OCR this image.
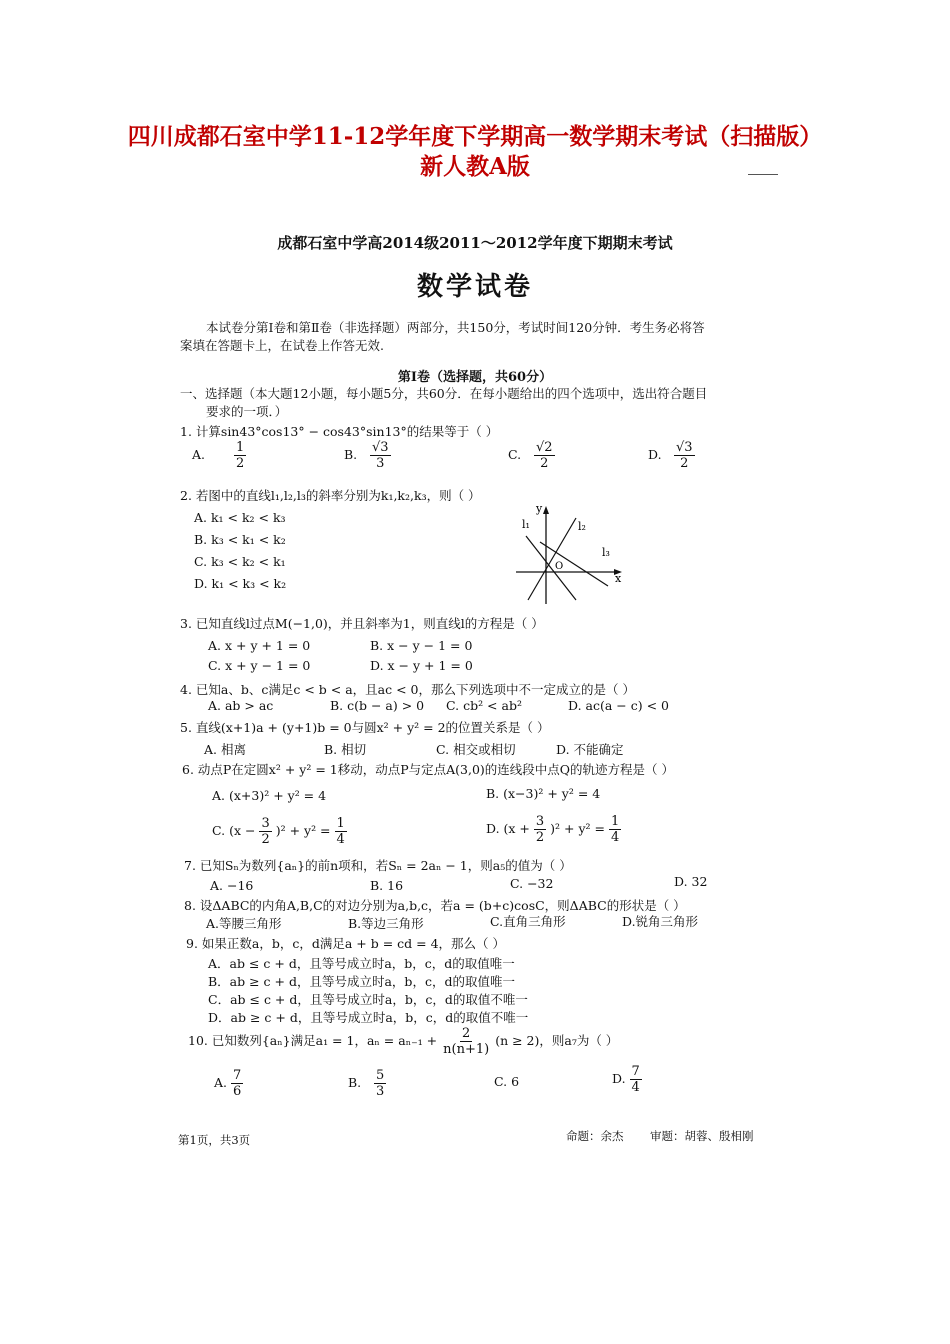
四川成都石室中学11-12学年度下学期高一数学期末考试（扫描版）新人教A版
成都石室中学高2014级2011～2012学年度下期期末考试
数学试卷
本试卷分第Ⅰ卷和第Ⅱ卷（非选择题）两部分，共150分，考试时间120分钟．考生务必将答
案填在答题卡上，在试卷上作答无效.
第Ⅰ卷（选择题，共60分）
一、选择题（本大题12小题，每小题5分，共60分．在每小题给出的四个选项中，选出符合题目
要求的一项．）
1. 计算sin43°cos13° − cos43°sin13°的结果等于（ ）
A. $\frac{1}{2}$	B. $\frac{√3}{3}$	C. $\frac{√2}{2}$	D. $\frac{√3}{2}$
2. 若图中的直线l₁,l₂,l₃的斜率分别为k₁,k₂,k₃，则（ ）
A. k₁ < k₂ < k₃
B. k₃ < k₁ < k₂
C. k₃ < k₂ < k₁
D. k₁ < k₃ < k₂
y
x
O
l₁	l₂
l₃
3. 已知直线l过点M(−1,0)，并且斜率为1，则直线l的方程是（ ）
A. x + y + 1 = 0	B. x − y − 1 = 0
C. x + y − 1 = 0	D. x − y + 1 = 0
4. 已知a、b、c满足c < b < a，且ac < 0，那么下列选项中不一定成立的是（ ）
A. ab > ac	B. c(b − a) > 0 C. cb² < ab²	D. ac(a − c) < 0
5. 直线(x+1)a + (y+1)b = 0与圆x² + y² = 2的位置关系是（ ）
A. 相离	B. 相切	C. 相交或相切	D. 不能确定
6. 动点P在定圆x² + y² = 1移动，动点P与定点A(3,0)的连线段中点Q的轨迹方程是（ ）
A. (x+3)² + y² = 4	B. (x−3)² + y² = 4
C. $(x - \frac{3}{2} )^2 + y^2 = \frac{1}{4}$	D. $(x + \frac{3}{2} )^2 + y^2 = \frac{1}{4}$
7. 已知Sₙ为数列{aₙ}的前n项和，若Sₙ = 2aₙ − 1，则a₅的值为（ ）
A. −16	B. 16	C. −32	D. 32
8. 设ΔABC的内角A,B,C的对边分别为a,b,c，若a = (b+c)cosC，则ΔABC的形状是（ ）
A.等腰三角形	B.等边三角形	C.直角三角形	D.锐角三角形
9. 如果正数a，b，c，d满足a + b = cd = 4，那么（ ）
A．ab ≤ c + d，且等号成立时a，b，c，d的取值唯一
B．ab ≥ c + d，且等号成立时a，b，c，d的取值唯一
C．ab ≤ c + d，且等号成立时a，b，c，d的取值不唯一
D．ab ≥ c + d，且等号成立时a，b，c，d的取值不唯一
10. 已知数列{aₙ}满足a₁ = 1，$a_n = a_{n-1} + \frac{2}{n(n+1)} (n \ge 2)$，则a₇为（ ）
A. $\frac{7}{6}$	B. $\frac{5}{3}$	C. 6	D. $\frac{7}{4}$
第1页，共3页	命题：余杰 审题：胡蓉、殷相刚
